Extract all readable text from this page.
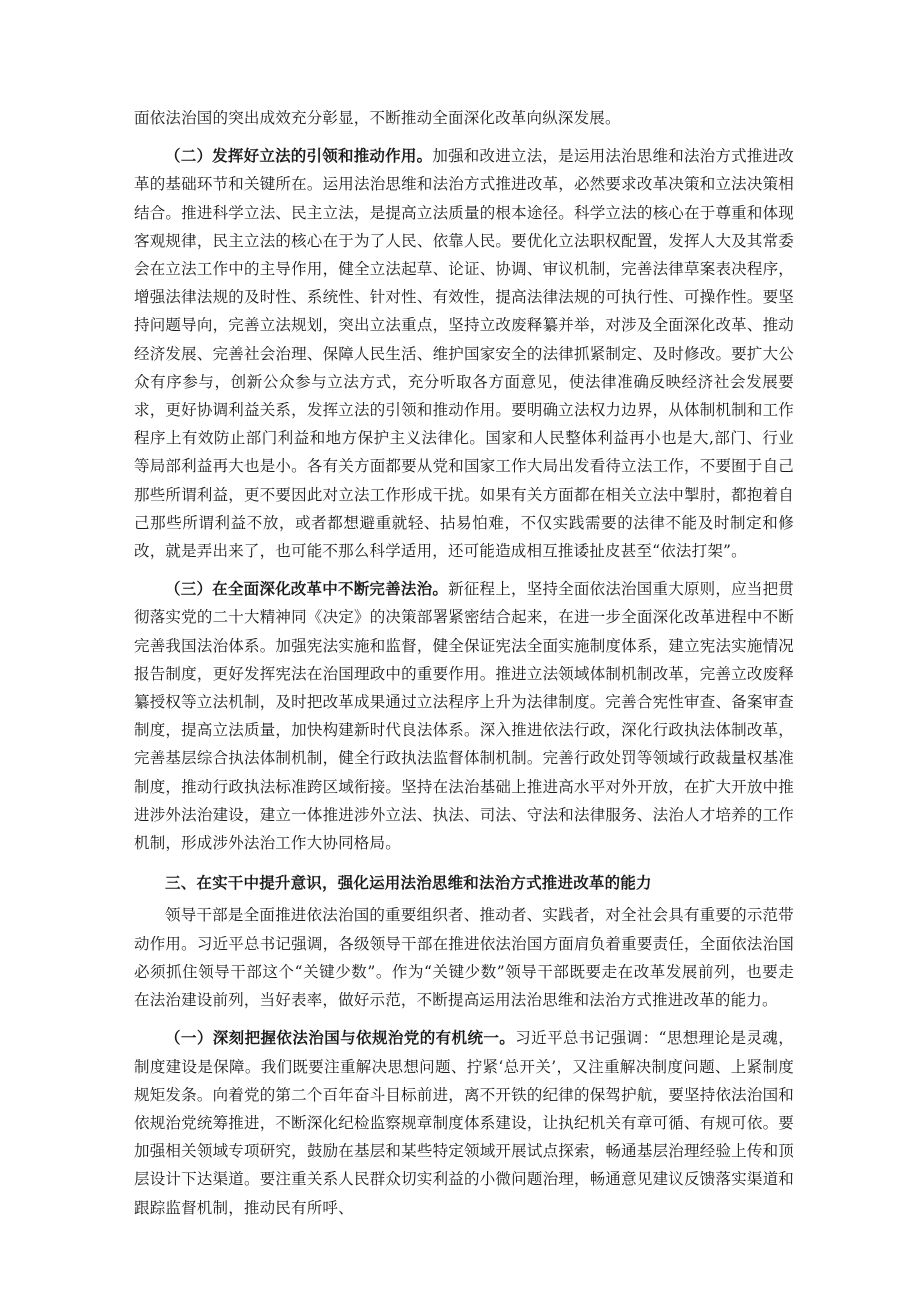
面依法治国的突出成效充分彰显，不断推动全面深化改革向纵深发展。

（二）发挥好立法的引领和推动作用。加强和改进立法，是运用法治思维和法治方式推进改革的基础环节和关键所在。运用法治思维和法治方式推进改革，必然要求改革决策和立法决策相结合。推进科学立法、民主立法，是提高立法质量的根本途径。科学立法的核心在于尊重和体现客观规律，民主立法的核心在于为了人民、依靠人民。要优化立法职权配置，发挥人大及其常委会在立法工作中的主导作用，健全立法起草、论证、协调、审议机制，完善法律草案表决程序，增强法律法规的及时性、系统性、针对性、有效性，提高法律法规的可执行性、可操作性。要坚持问题导向，完善立法规划，突出立法重点，坚持立改废释纂并举，对涉及全面深化改革、推动经济发展、完善社会治理、保障人民生活、维护国家安全的法律抓紧制定、及时修改。要扩大公众有序参与，创新公众参与立法方式，充分听取各方面意见，使法律准确反映经济社会发展要求，更好协调利益关系，发挥立法的引领和推动作用。要明确立法权力边界，从体制机制和工作程序上有效防止部门利益和地方保护主义法律化。国家和人民整体利益再小也是大,部门、行业等局部利益再大也是小。各有关方面都要从党和国家工作大局出发看待立法工作，不要囿于自己那些所谓利益，更不要因此对立法工作形成干扰。如果有关方面都在相关立法中掣肘，都抱着自己那些所谓利益不放，或者都想避重就轻、拈易怕难，不仅实践需要的法律不能及时制定和修改，就是弄出来了，也可能不那么科学适用，还可能造成相互推诿扯皮甚至“依法打架”。

（三）在全面深化改革中不断完善法治。新征程上，坚持全面依法治国重大原则，应当把贯彻落实党的二十大精神同《决定》的决策部署紧密结合起来，在进一步全面深化改革进程中不断完善我国法治体系。加强宪法实施和监督，健全保证宪法全面实施制度体系，建立宪法实施情况报告制度，更好发挥宪法在治国理政中的重要作用。推进立法领域体制机制改革，完善立改废释纂授权等立法机制，及时把改革成果通过立法程序上升为法律制度。完善合宪性审查、备案审查制度，提高立法质量，加快构建新时代良法体系。深入推进依法行政，深化行政执法体制改革，完善基层综合执法体制机制，健全行政执法监督体制机制。完善行政处罚等领域行政裁量权基准制度，推动行政执法标准跨区域衔接。坚持在法治基础上推进高水平对外开放，在扩大开放中推进涉外法治建设，建立一体推进涉外立法、执法、司法、守法和法律服务、法治人才培养的工作机制，形成涉外法治工作大协同格局。

三、在实干中提升意识，强化运用法治思维和法治方式推进改革的能力

领导干部是全面推进依法治国的重要组织者、推动者、实践者，对全社会具有重要的示范带动作用。习近平总书记强调，各级领导干部在推进依法治国方面肩负着重要责任，全面依法治国必须抓住领导干部这个“关键少数”。作为“关键少数”领导干部既要走在改革发展前列，也要走在法治建设前列，当好表率，做好示范，不断提高运用法治思维和法治方式推进改革的能力。

（一）深刻把握依法治国与依规治党的有机统一。习近平总书记强调：“思想理论是灵魂，制度建设是保障。我们既要注重解决思想问题、拧紧‘总开关’，又注重解决制度问题、上紧制度规矩发条。向着党的第二个百年奋斗目标前进，离不开铁的纪律的保驾护航，要坚持依法治国和依规治党统筹推进，不断深化纪检监察规章制度体系建设，让执纪机关有章可循、有规可依。要加强相关领域专项研究，鼓励在基层和某些特定领域开展试点探索，畅通基层治理经验上传和顶层设计下达渠道。要注重关系人民群众切实利益的小微问题治理，畅通意见建议反馈落实渠道和跟踪监督机制，推动民有所呼、
